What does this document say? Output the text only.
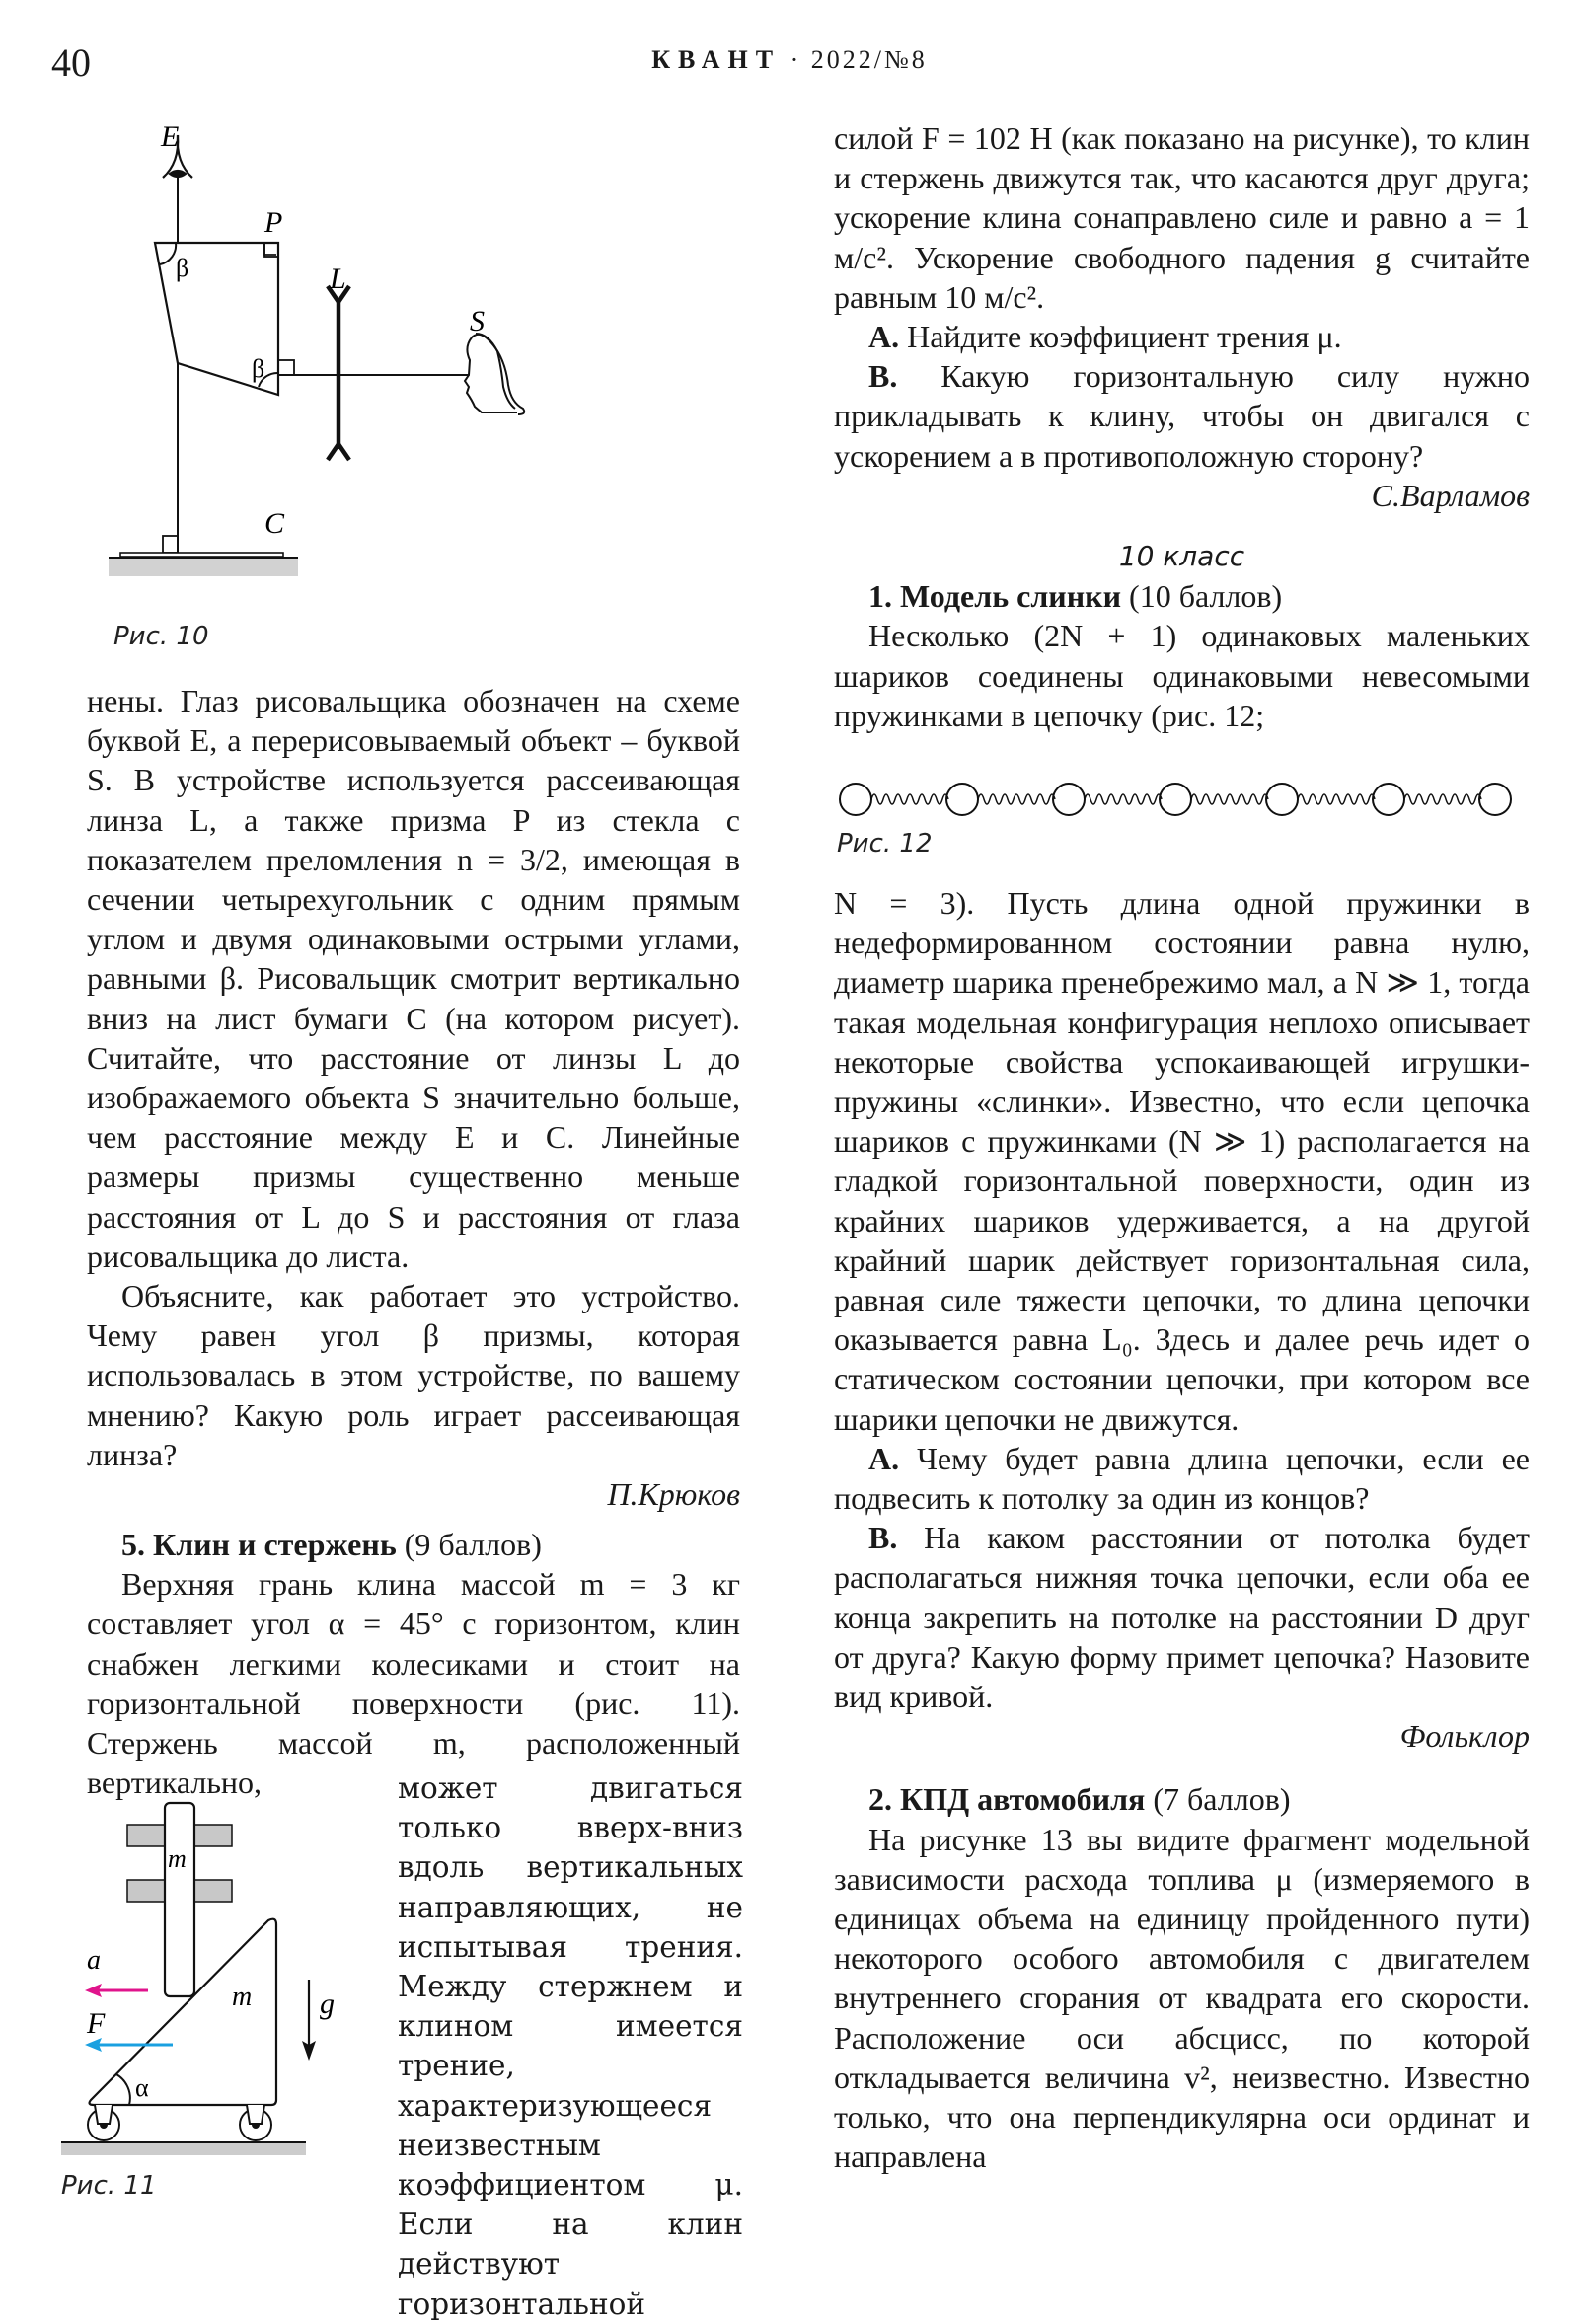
40	КВАНТ · 2022/№8
E
β
β
P
C
L
S
Рис. 10

нены. Глаз рисовальщика обозначен на схеме буквой E, а перерисовываемый объект – буквой S. В устройстве используется рассеивающая линза L, а также призма P из стекла с показателем преломления n = 3/2, имеющая в сечении четырехугольник с одним прямым углом и двумя одинаковыми острыми углами, равными β. Рисовальщик смотрит вертикально вниз на лист бумаги C (на котором рисует). Считайте, что расстояние от линзы L до изображаемого объекта S значительно больше, чем расстояние между E и C. Линейные размеры призмы существенно меньше расстояния от L до S и расстояния от глаза рисовальщика до листа.

Объясните, как работает это устройство. Чему равен угол β призмы, которая использовалась в этом устройстве, по вашему мнению? Какую роль играет рассеивающая линза?

П.Крюков

5. Клин и стержень (9 баллов)

Верхняя грань клина массой m = 3 кг составляет угол α = 45° с горизонтом, клин снабжен легкими колесиками и стоит на горизонтальной поверхности (рис. 11). Стержень массой m, расположенный вертикально,

m
α
m
a
F
g
Рис. 11
может двигаться только вверх-вниз вдоль вертикальных направляющих, не испытывая трения. Между стержнем и клином имеется трение, характеризующееся неизвестным коэффициентом μ. Если на клин действуют горизонтальной

силой F = 102 Н (как показано на рисунке), то клин и стержень движутся так, что касаются друг друга; ускорение клина сонаправлено силе и равно a = 1 м/с². Ускорение свободного падения g считайте равным 10 м/с².

А. Найдите коэффициент трения μ.

В. Какую горизонтальную силу нужно прикладывать к клину, чтобы он двигался с ускорением a в противоположную сторону?

С.Варламов

10 класс

1. Модель слинки (10 баллов)

Несколько (2N + 1) одинаковых маленьких шариков соединены одинаковыми невесомыми пружинками в цепочку (рис. 12;

Рис. 12

N = 3). Пусть длина одной пружинки в недеформированном состоянии равна нулю, диаметр шарика пренебрежимо мал, а N ≫ 1, тогда такая модельная конфигурация неплохо описывает некоторые свойства успокаивающей игрушки-пружины «слинки». Известно, что если цепочка шариков с пружинками (N ≫ 1) располагается на гладкой горизонтальной поверхности, один из крайних шариков удерживается, а на другой крайний шарик действует горизонтальная сила, равная силе тяжести цепочки, то длина цепочки оказывается равна L₀. Здесь и далее речь идет о статическом состоянии цепочки, при котором все шарики цепочки не движутся.

А. Чему будет равна длина цепочки, если ее подвесить к потолку за один из концов?

В. На каком расстоянии от потолка будет располагаться нижняя точка цепочки, если оба ее конца закрепить на потолке на расстоянии D друг от друга? Какую форму примет цепочка? Назовите вид кривой.

Фольклор

2. КПД автомобиля (7 баллов)

На рисунке 13 вы видите фрагмент модельной зависимости расхода топлива μ (измеряемого в единицах объема на единицу пройденного пути) некоторого особого автомобиля с двигателем внутреннего сгорания от квадрата его скорости. Расположение оси абсцисс, по которой откладывается величина v², неизвестно. Известно только, что она перпендикулярна оси ординат и направлена
